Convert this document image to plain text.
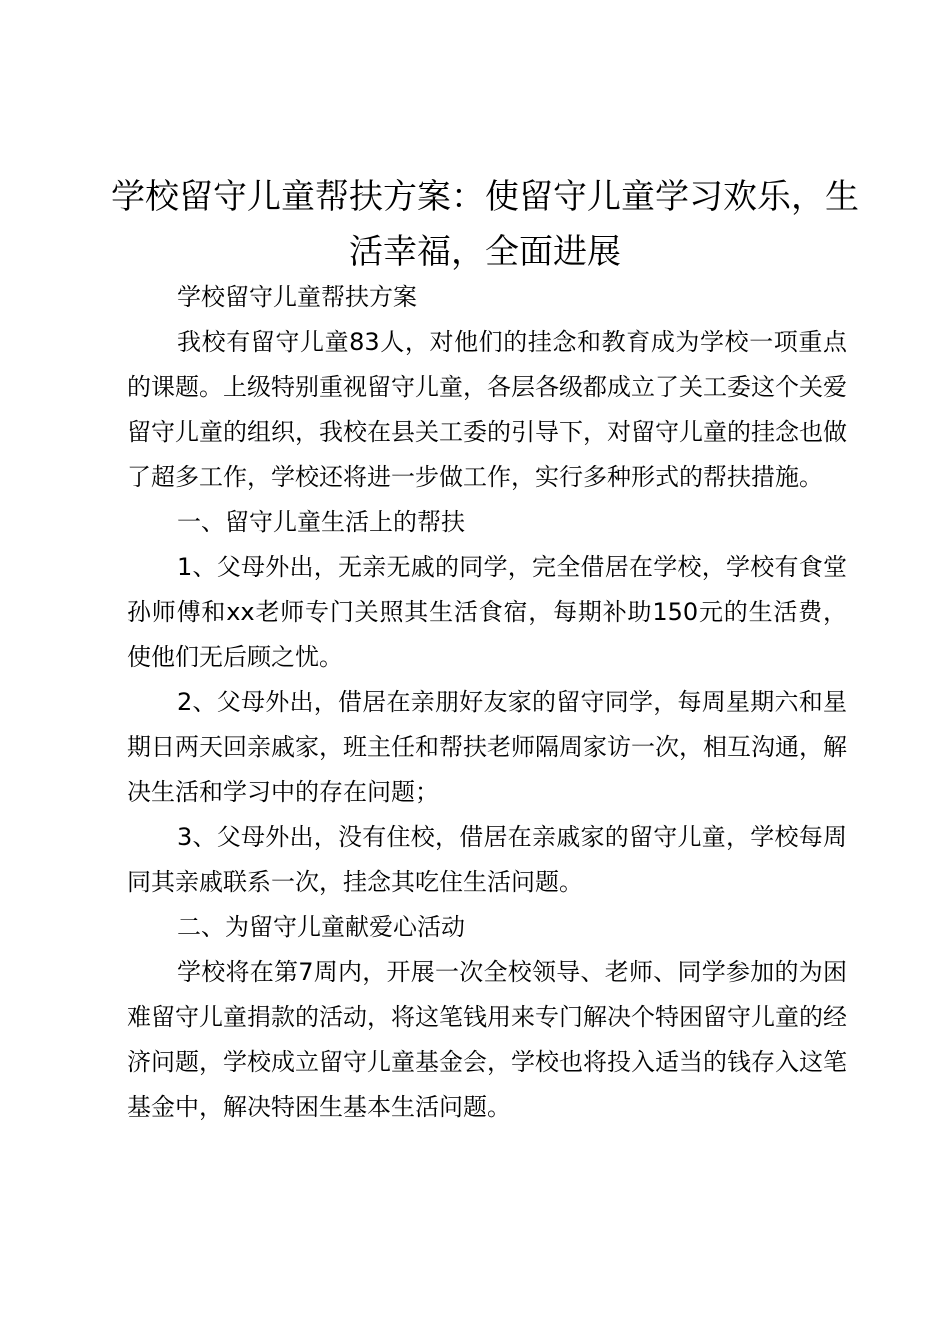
学校留守儿童帮扶方案：使留守儿童学习欢乐，生活幸福，全面进展

学校留守儿童帮扶方案

我校有留守儿童83人，对他们的挂念和教育成为学校一项重点的课题。上级特别重视留守儿童，各层各级都成立了关工委这个关爱留守儿童的组织，我校在县关工委的引导下，对留守儿童的挂念也做了超多工作，学校还将进一步做工作，实行多种形式的帮扶措施。

一、留守儿童生活上的帮扶

1、父母外出，无亲无戚的同学，完全借居在学校，学校有食堂孙师傅和xx老师专门关照其生活食宿，每期补助150元的生活费，使他们无后顾之忧。

2、父母外出，借居在亲朋好友家的留守同学，每周星期六和星期日两天回亲戚家，班主任和帮扶老师隔周家访一次，相互沟通，解决生活和学习中的存在问题；

3、父母外出，没有住校，借居在亲戚家的留守儿童，学校每周同其亲戚联系一次，挂念其吃住生活问题。

二、为留守儿童献爱心活动

学校将在第7周内，开展一次全校领导、老师、同学参加的为困难留守儿童捐款的活动，将这笔钱用来专门解决个特困留守儿童的经济问题，学校成立留守儿童基金会，学校也将投入适当的钱存入这笔基金中，解决特困生基本生活问题。
